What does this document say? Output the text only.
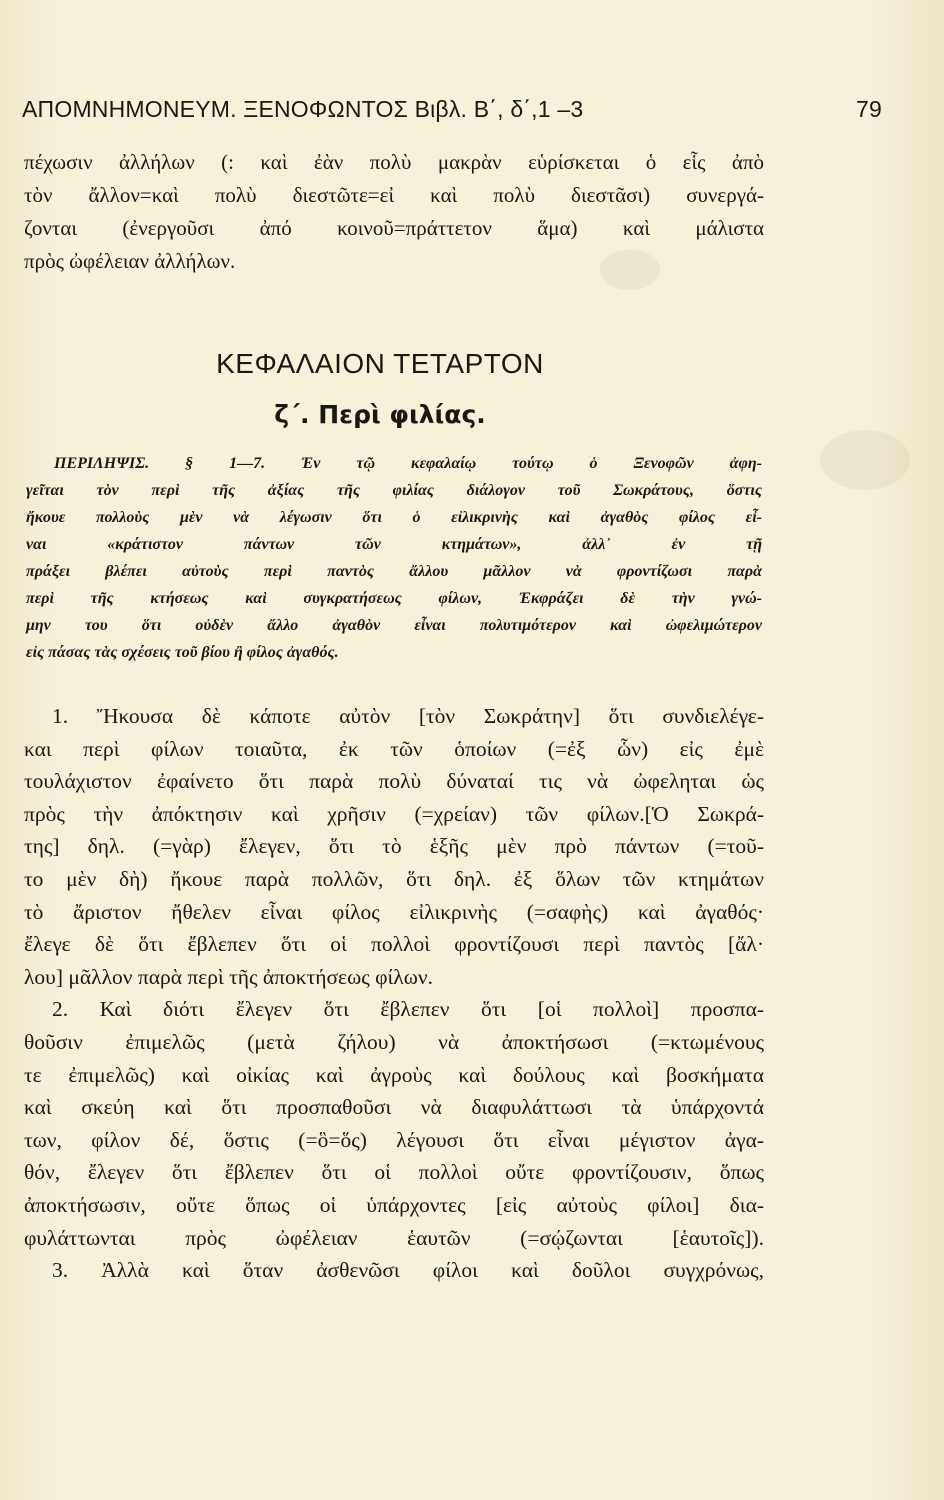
ΑΠΟΜΝΗΜΟΝΕΥΜ. ΞΕΝΟΦΩΝΤΟΣ Βιβλ. Β΄, δ΄,1 –3	79
πέχωσιν ἀλλήλων (: καὶ ἐὰν πολὺ μακρὰν εὑρίσκεται ὁ εἷς ἀπὸ
τὸν ἄλλον=καὶ πολὺ διεστῶτε=εἰ καὶ πολὺ διεστᾶσι) συνεργά-
ζονται (ἐνεργοῦσι ἀπό κοινοῦ=πράττετον ἅμα) καὶ μάλιστα
πρὸς ὠφέλειαν ἀλλήλων.
ΚΕΦΑΛΑΙΟΝ ΤΕΤΑΡΤΟΝ
ζ΄. Περὶ φιλίας.
ΠΕΡΙΛΗΨΙΣ. § 1—7. Ἐν τῷ κεφαλαίῳ τούτῳ ὁ Ξενοφῶν ἀφη-
γεῖται τὸν περὶ τῆς ἀξίας τῆς φιλίας διάλογον τοῦ Σωκράτους, ὅστις
ἤκουε πολλοὺς μὲν νὰ λέγωσιν ὅτι ὁ εἰλικρινὴς καὶ ἀγαθὸς φίλος εἶ-
ναι «κράτιστον πάντων τῶν κτημάτων», ἀλλ᾽ ἐν τῇ
πράξει βλέπει αὐτοὺς περὶ παντὸς ἄλλου μᾶλλον νὰ φροντίζωσι παρὰ
περὶ τῆς κτήσεως καὶ συγκρατήσεως φίλων, Ἐκφράζει δὲ τὴν γνώ-
μην του ὅτι οὐδὲν ἄλλο ἀγαθὸν εἶναι πολυτιμότερον καὶ ὠφελιμώτερον
εἰς πάσας τὰς σχέσεις τοῦ βίου ἢ φίλος ἀγαθός.
1. Ἤκουσα δὲ κάποτε αὐτὸν [τὸν Σωκράτην] ὅτι συνδιελέγε-
και περὶ φίλων τοιαῦτα, ἐκ τῶν ὁποίων (=ἐξ ὧν) εἰς ἐμὲ
τουλάχιστον ἐφαίνετο ὅτι παρὰ πολὺ δύναταί τις νὰ ὠφεληται ὡς
πρὸς τὴν ἀπόκτησιν καὶ χρῆσιν (=χρείαν) τῶν φίλων.[Ὁ Σωκρά-
της] δηλ. (=γὰρ) ἔλεγεν, ὅτι τὸ ἑξῆς μὲν πρὸ πάντων (=τοῦ-
το μὲν δὴ) ἤκουε παρὰ πολλῶν, ὅτι δηλ. ἐξ ὅλων τῶν κτημάτων
τὸ ἄριστον ἤθελεν εἶναι φίλος εἰλικρινὴς (=σαφὴς) καὶ ἀγαθός·
ἔλεγε δὲ ὅτι ἔβλεπεν ὅτι οἱ πολλοὶ φροντίζουσι περὶ παντὸς [ἄλ·
λου] μᾶλλον παρὰ περὶ τῆς ἀποκτήσεως φίλων.
2. Καὶ διότι ἔλεγεν ὅτι ἔβλεπεν ὅτι [οἱ πολλοὶ] προσπα-
θοῦσιν ἐπιμελῶς (μετὰ ζήλου) νὰ ἀποκτήσωσι (=κτωμένους
τε ἐπιμελῶς) καὶ οἰκίας καὶ ἀγροὺς καὶ δούλους καὶ βοσκήματα
καὶ σκεύη καὶ ὅτι προσπαθοῦσι νὰ διαφυλάττωσι τὰ ὑπάρχοντά
των, φίλον δέ, ὅστις (=ὃ=ὅς) λέγουσι ὅτι εἶναι μέγιστον ἀγα-
θόν, ἔλεγεν ὅτι ἔβλεπεν ὅτι οἱ πολλοὶ οὔτε φροντίζουσιν, ὅπως
ἀποκτήσωσιν, οὔτε ὅπως οἱ ὑπάρχοντες [εἰς αὐτοὺς φίλοι] δια-
φυλάττωνται πρὸς ὠφέλειαν ἑαυτῶν (=σῴζωνται [ἑαυτοῖς]).
3. Ἀλλὰ καὶ ὅταν ἀσθενῶσι φίλοι καὶ δοῦλοι συγχρόνως,
